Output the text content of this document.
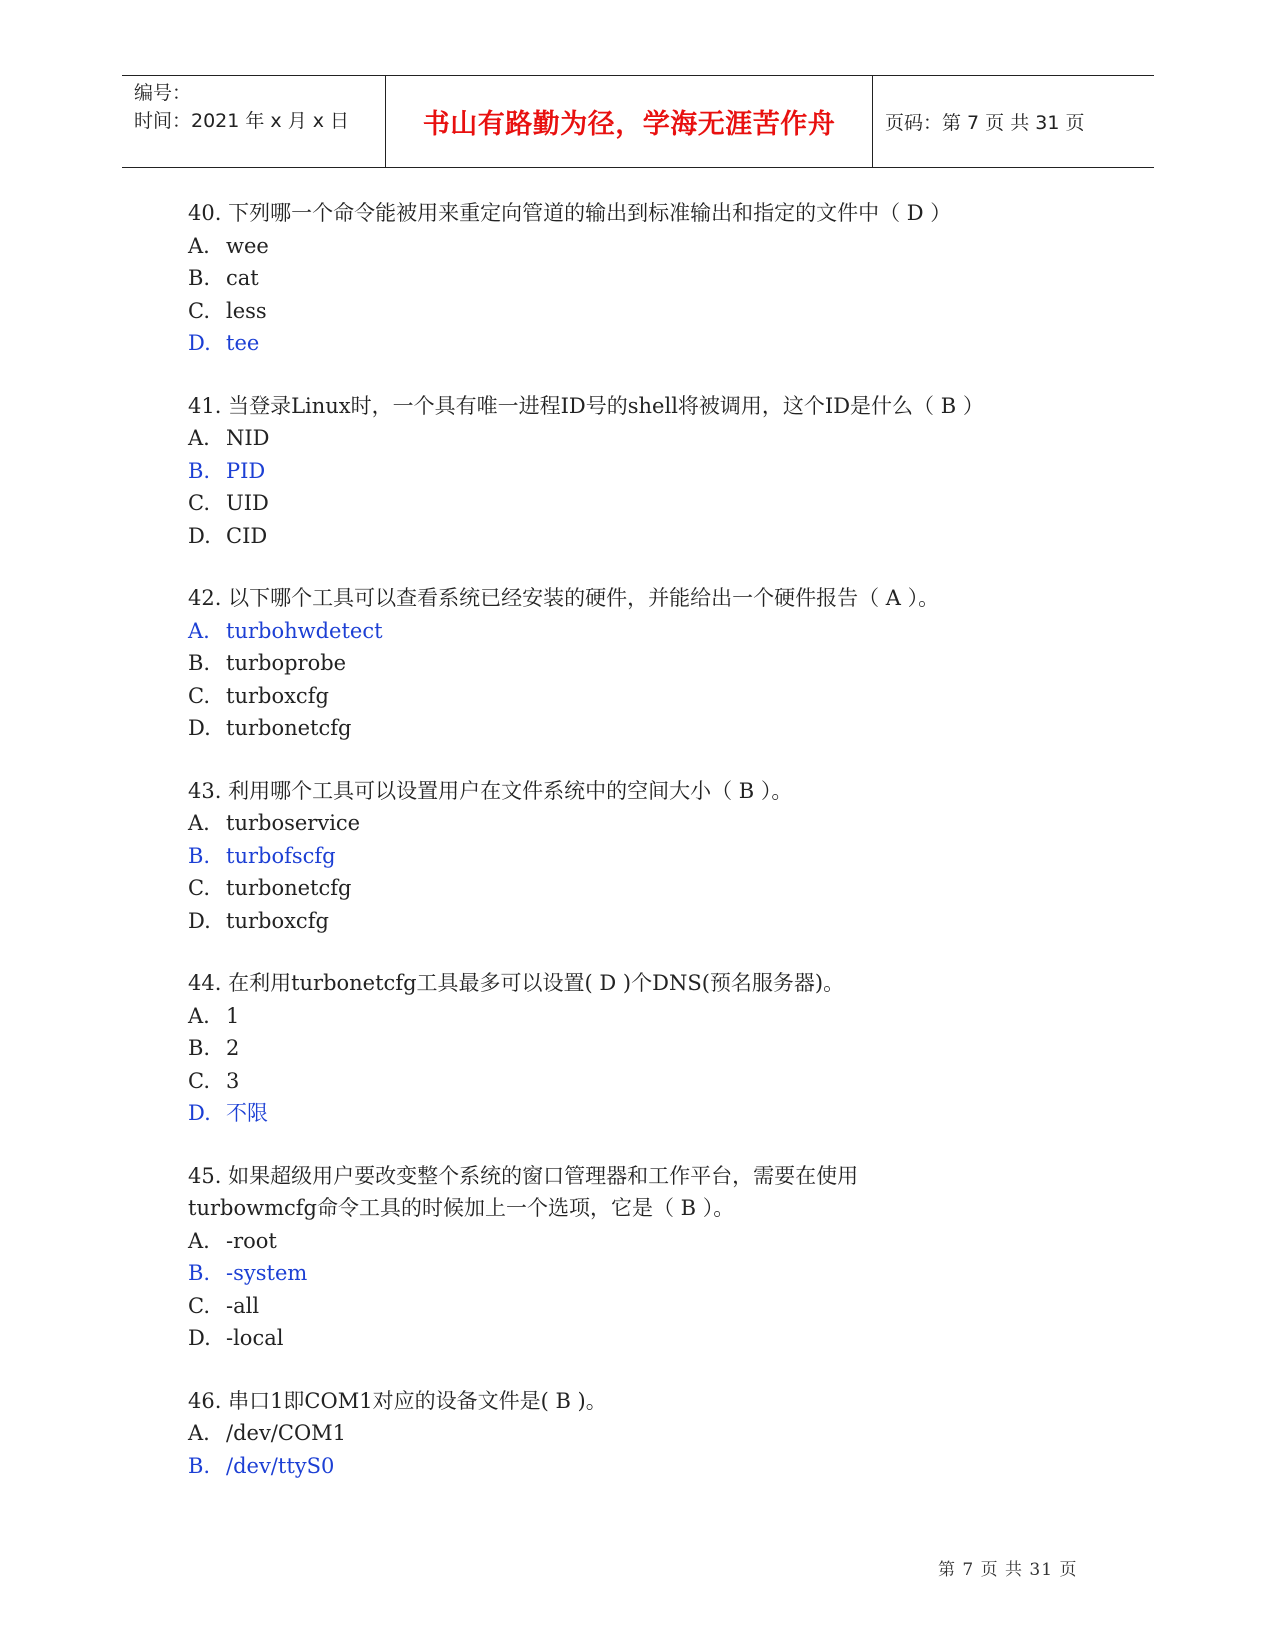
编号：
时间：2021 年 x 月 x 日	书山有路勤为径，学海无涯苦作舟	页码：第 7 页 共 31 页
40. 下列哪一个命令能被用来重定向管道的输出到标准输出和指定的文件中（ D ）
A. wee
B. cat
C. less
D. tee
41. 当登录Linux时，一个具有唯一进程ID号的shell将被调用，这个ID是什么（ B ）
A. NID
B. PID
C. UID
D. CID
42. 以下哪个工具可以查看系统已经安装的硬件，并能给出一个硬件报告（ A ）。
A. turbohwdetect
B. turboprobe
C. turboxcfg
D. turbonetcfg
43. 利用哪个工具可以设置用户在文件系统中的空间大小（ B ）。
A. turboservice
B. turbofscfg
C. turbonetcfg
D. turboxcfg
44. 在利用turbonetcfg工具最多可以设置( D )个DNS(预名服务器)。
A. 1
B. 2
C. 3
D. 不限
45. 如果超级用户要改变整个系统的窗口管理器和工作平台，需要在使用
turbowmcfg命令工具的时候加上一个选项，它是（ B ）。
A. -root
B. -system
C. -all
D. -local
46. 串口1即COM1对应的设备文件是( B )。
A. /dev/COM1
B. /dev/ttyS0
第 7 页 共 31 页
